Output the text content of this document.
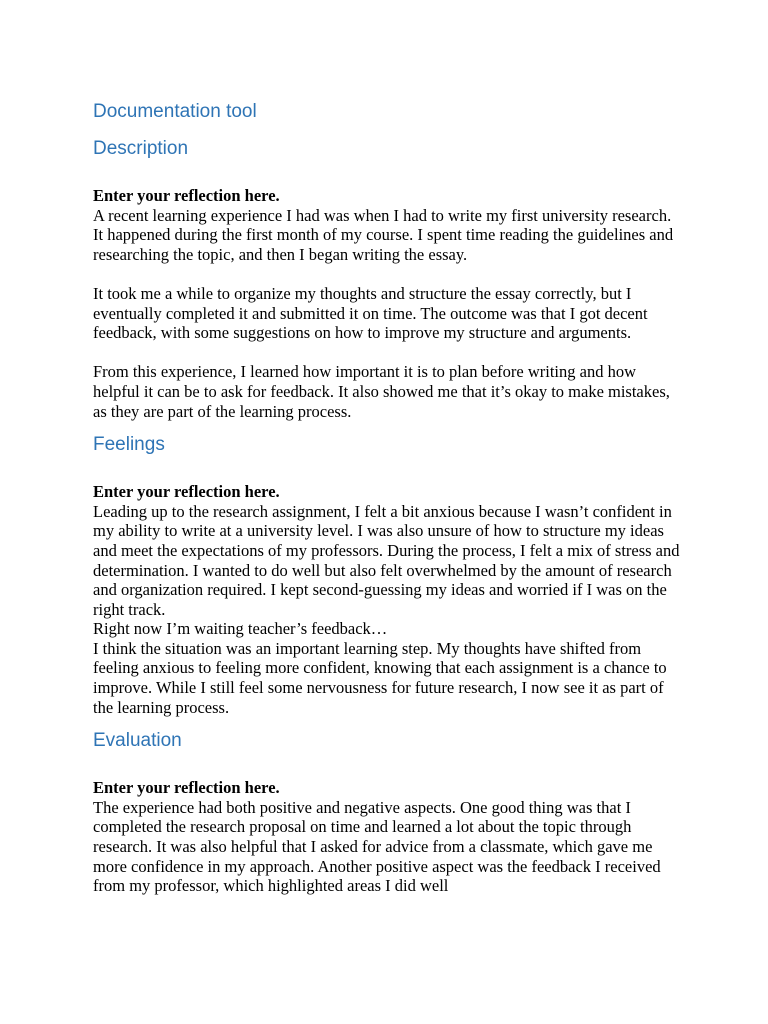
Documentation tool
Description

Enter your reflection here.

A recent learning experience I had was when I had to write my first university research. It happened during the first month of my course. I spent time reading the guidelines and researching the topic, and then I began writing the essay.

It took me a while to organize my thoughts and structure the essay correctly, but I eventually completed it and submitted it on time. The outcome was that I got decent feedback, with some suggestions on how to improve my structure and arguments.

From this experience, I learned how important it is to plan before writing and how helpful it can be to ask for feedback. It also showed me that it’s okay to make mistakes, as they are part of the learning process.

Feelings

Enter your reflection here.

Leading up to the research assignment, I felt a bit anxious because I wasn’t confident in my ability to write at a university level. I was also unsure of how to structure my ideas and meet the expectations of my professors. During the process, I felt a mix of stress and determination. I wanted to do well but also felt overwhelmed by the amount of research and organization required. I kept second-guessing my ideas and worried if I was on the right track.

Right now I’m waiting teacher’s feedback…

I think the situation was an important learning step. My thoughts have shifted from feeling anxious to feeling more confident, knowing that each assignment is a chance to improve. While I still feel some nervousness for future research, I now see it as part of the learning process.

Evaluation

Enter your reflection here.

The experience had both positive and negative aspects. One good thing was that I completed the research proposal on time and learned a lot about the topic through research. It was also helpful that I asked for advice from a classmate, which gave me more confidence in my approach. Another positive aspect was the feedback I received from my professor, which highlighted areas I did well
